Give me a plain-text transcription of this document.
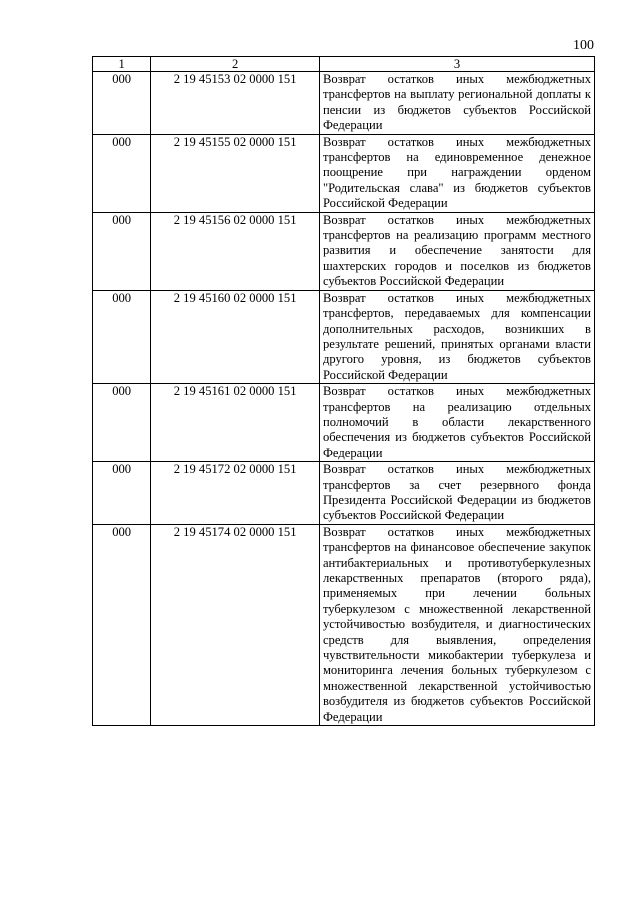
100
1	2	3
000	2 19 45153 02 0000 151	Возврат остатков иных межбюджетных трансфертов на выплату региональной доплаты к пенсии из бюджетов субъектов Российской Федерации
000	2 19 45155 02 0000 151	Возврат остатков иных межбюджетных трансфертов на единовременное денежное поощрение при награждении орденом "Родительская слава" из бюджетов субъектов Российской Федерации
000	2 19 45156 02 0000 151	Возврат остатков иных межбюджетных трансфертов на реализацию программ местного развития и обеспечение занятости для шахтерских городов и поселков из бюджетов субъектов Российской Федерации
000	2 19 45160 02 0000 151	Возврат остатков иных межбюджетных трансфертов, передаваемых для компенсации дополнительных расходов, возникших в результате решений, принятых органами власти другого уровня, из бюджетов субъектов Российской Федерации
000	2 19 45161 02 0000 151	Возврат остатков иных межбюджетных трансфертов на реализацию отдельных полномочий в области лекарственного обеспечения из бюджетов субъектов Российской Федерации
000	2 19 45172 02 0000 151	Возврат остатков иных межбюджетных трансфертов за счет резервного фонда Президента Российской Федерации из бюджетов субъектов Российской Федерации
000	2 19 45174 02 0000 151	Возврат остатков иных межбюджетных трансфертов на финансовое обеспечение закупок антибактериальных и противотуберкулезных лекарственных препаратов (второго ряда), применяемых при лечении больных туберкулезом с множественной лекарственной устойчивостью возбудителя, и диагностических средств для выявления, определения чувствительности микобактерии туберкулеза и мониторинга лечения больных туберкулезом с множественной лекарственной устойчивостью возбудителя из бюджетов субъектов Российской Федерации
